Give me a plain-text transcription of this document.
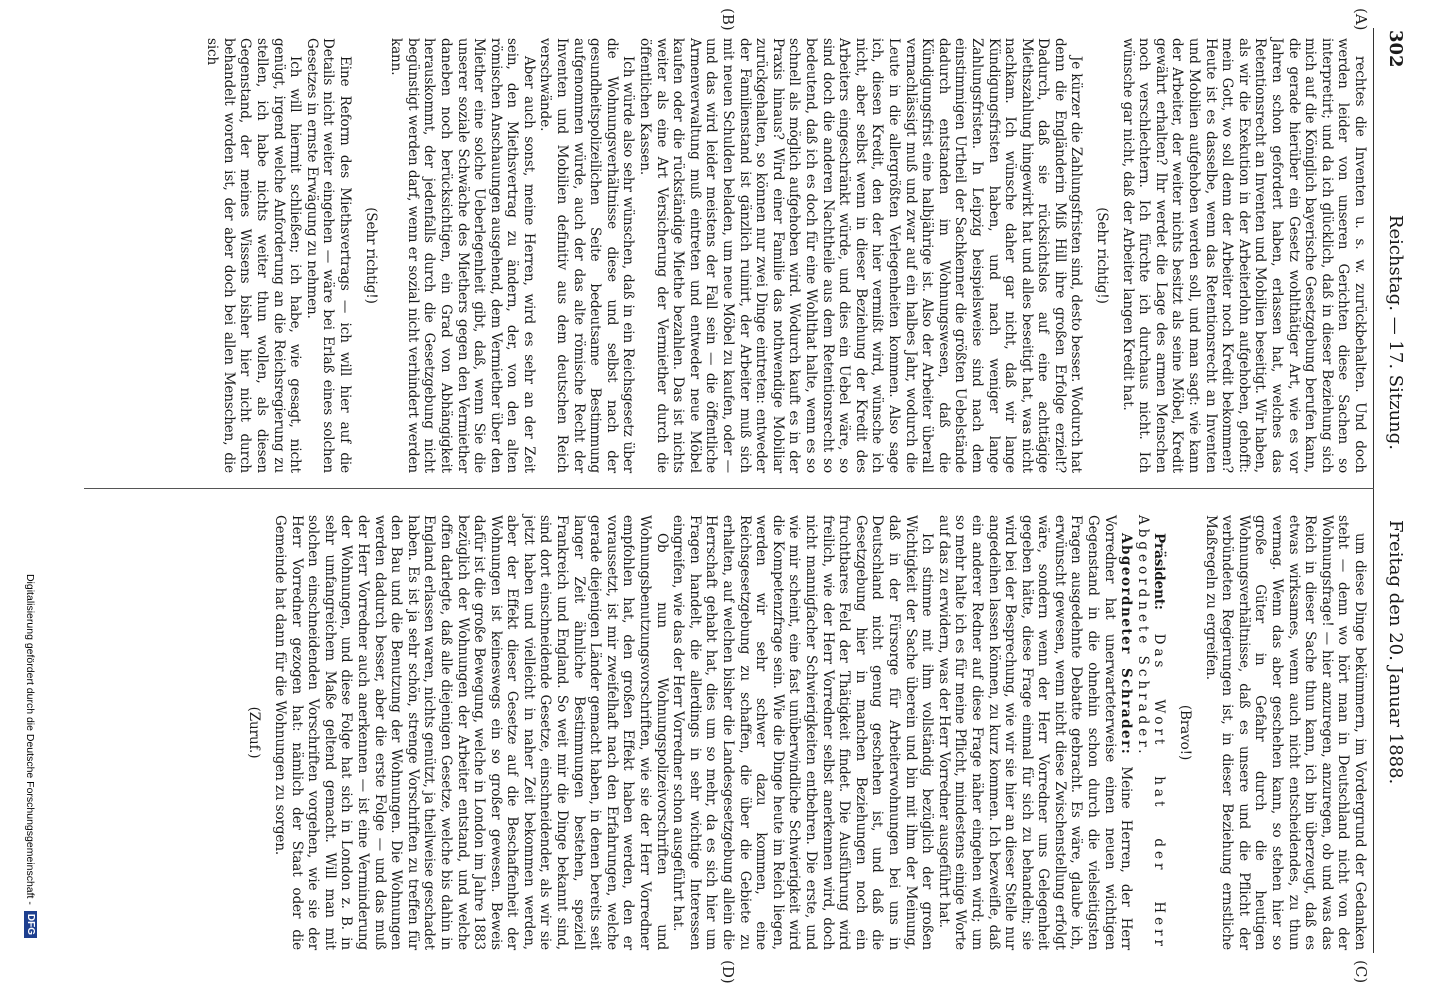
302
Reichstag. — 17. Sitzung.
Freitag den 20. Januar 1888.
(A)
(B)
(C)
(D)

rechtes die Inventen u. s. w. zurückbehalten. Und doch werden leider von unseren Gerichten diese Sachen so interpretirt; und da ich glücklich, daß in dieser Beziehung sich mich auf die Königlich bayerische Gesetzgebung berufen kann, die gerade hierüber ein Gesetz wohlthätiger Art, wie es vor Jahren schon gefordert haben, erlassen hat, welches das Retentionsrecht an Inventen und Mobilien beseitigt. Wir haben, als wir die Exekution in der Arbeiterlohn aufgehoben, gehofft: mein Gott, wo soll denn der Arbeiter noch Kredit bekommen? Heute ist es dasselbe, wenn das Retentionsrecht an Inventen und Mobilien aufgehoben werden soll, und man sagt: wie kann der Arbeiter, der weiter nichts besitzt als seine Möbel, Kredit gewährt erhalten? Ihr werdet die Lage des armen Menschen noch verschlechtern. Ich fürchte ich durchaus nicht. Ich wünsche gar nicht, daß der Arbeiter langen Kredit hat.

(Sehr richtig!)

Je kürzer die Zahlungsfristen sind, desto besser. Wodurch hat denn die Engländerin Miß Hill ihre großen Erfolge erzielt? Dadurch, daß sie rücksichtslos auf eine achttägige Miethszahlung hingewirkt hat und alles beseitigt hat, was nicht nachkam. Ich wünsche daher gar nicht, daß wir lange Kündigungsfristen haben, und nach weniger lange Zahlungsfristen. In Leipzig beispielsweise sind nach dem einstimmigen Urtheil der Sachkenner die größten Uebelstände dadurch entstanden im Wohnungswesen, daß die Kündigungsfrist eine halbjährige ist. Also der Arbeiter überall vernachlässigt muß und zwar auf ein halbes Jahr, wodurch die Leute in die allergrößten Verlegenheiten kommen. Also sage ich, diesen Kredit, den der hier vermißt wird, wünsche ich nicht, aber selbst wenn in dieser Beziehung der Kredit des Arbeiters eingeschränkt würde, und dies ein Uebel wäre, so sind doch die anderen Nachtheile aus dem Retentionsrecht so bedeutend, daß ich es doch für eine Wohlthat halte, wenn es so schnell als möglich aufgehoben wird. Wodurch kauft es in der Praxis hinaus? Wird einer Familie das nothwendige Mobiliar zurückgehalten, so können nur zwei Dinge eintreten: entweder der Familienstand ist gänzlich ruinirt, der Arbeiter muß sich mit neuen Schulden beladen, um neue Möbel zu kaufen, oder — und das wird leider meistens der Fall sein — die öffentliche Armenverwaltung muß eintreten und entweder neue Möbel kaufen oder die rückständige Miethe bezahlen. Das ist nichts weiter als eine Art Versicherung der Vermiether durch die öffentlichen Kassen.

Ich würde also sehr wünschen, daß in ein Reichsgesetz über die Wohnungsverhältnisse diese und selbst nach der gesundheitspolizeilichen Seite bedeutsame Bestimmung aufgenommen würde, auch der das alte römische Recht der Inventen und Mobilien definitiv aus dem deutschen Reich verschwände.

Aber auch sonst, meine Herren, wird es sehr an der Zeit sein, den Miethsvertrag zu ändern, der, von den alten römischen Anschauungen ausgehend, dem Vermiether über den Miether eine solche Ueberlegenheit gibt, daß, wenn Sie die unserer soziale Schwäche des Miethers gegen den Vermiether daneben noch berücksichtigen, ein Grad von Abhängigkeit herauskommt, der jedenfalls durch die Gesetzgebung nicht begünstigt werden darf, wenn er sozial nicht verhindert werden kann.

(Sehr richtig!)

Eine Reform des Miethsvertrags — ich will hier auf die Details nicht weiter eingehen — wäre bei Erlaß eines solchen Gesetzes in ernste Erwägung zu nehmen.

Ich will hiermit schließen; ich habe, wie gesagt, nicht genügt, irgend welche Anforderung an die Reichsregierung zu stellen, ich habe nichts weiter thun wollen, als diesen Gegenstand, der meines Wissens bisher hier nicht durch behandelt worden ist, der aber doch bei allen Menschen, die sich

um diese Dinge bekümmern, im Vordergrund der Gedanken steht — denn wo hört man in Deutschland nicht von der Wohnungsfrage! — hier anzuregen, anzuregen, ob und was das Reich in dieser Sache thun kann, ich bin überzeugt, daß es etwas wirksames, wenn auch nicht entscheidendes, zu thun vermag. Wenn das aber geschehen kann, so stehen hier so große Güter in Gefahr durch die heutigen Wohnungsverhältnisse, daß es unsere und die Pflicht der verbündeten Regierungen ist, in dieser Beziehung ernstliche Maßregeln zu ergreifen.

(Bravo!)

Präsident: Das Wort hat der Herr Abgeordnete Schrader.

Abgeordneter Schrader: Meine Herren, der Herr Vorredner hat unerwarteterweise einen neuen wichtigen Gegenstand in die ohnehin schon durch die vielseitigsten Fragen ausgedehnte Debatte gebracht. Es wäre, glaube ich, erwünscht gewesen, wenn nicht diese Zwischenstellung erfolgt wäre, sondern wenn der Herr Vorredner uns Gelegenheit gegeben hätte, diese Frage einmal für sich zu behandeln; sie wird bei der Besprechung, wie wir sie hier an dieser Stelle nur angedeihen lassen können, zu kurz kommen. Ich bezweifle, daß ein anderer Redner auf diese Frage näher eingehen wird; um so mehr halte ich es für meine Pflicht, mindestens einige Worte auf das zu erwidern, was der Herr Vorredner ausgeführt hat.

Ich stimme mit ihm vollständig bezüglich der großen Wichtigkeit der Sache überein und bin mit ihm der Meinung, daß in der Fürsorge für Arbeiterwohnungen bei uns in Deutschland nicht genug geschehen ist, und daß die Gesetzgebung hier in manchen Beziehungen noch ein fruchtbares Feld der Thätigkeit findet. Die Ausführung wird freilich, wie der Herr Vorredner selbst anerkennen wird, doch nicht mannigfacher Schwierigkeiten entbehren. Die erste, und wie mir scheint, eine fast unüberwindliche Schwierigkeit wird die Kompetenzfrage sein. Wie die Dinge heute im Reich liegen, werden wir sehr schwer dazu kommen, eine Reichsgesetzgebung zu schaffen, die über die Gebiete zu erhalten, auf welchen bisher die Landesgesetzgebung allein die Herrschaft gehabt hat, dies um so mehr, da es sich hier um Fragen handelt, die allerdings in sehr wichtige Interessen eingreifen, wie das der Herr Vorredner schon ausgeführt hat.

Ob nun Wohnungspolizeivorschriften und Wohnungsbenutzungsvorschriften, wie sie der Herr Vorredner empfohlen hat, den großen Effekt haben werden, den er voraussetzt, ist mir zweifelhaft nach den Erfahrungen, welche gerade diejenigen Länder gemacht haben, in denen bereits seit langer Zeit ähnliche Bestimmungen bestehen, speziell Frankreich und England. So weit mir die Dinge bekannt sind, sind dort einschneidende Gesetze, einschneidender, als wir sie jetzt haben und vielleicht in naher Zeit bekommen werden, aber der Effekt dieser Gesetze auf die Beschaffenheit der Wohnungen ist keineswegs ein so großer gewesen. Beweis dafür ist die große Bewegung, welche in London im Jahre 1883 bezüglich der Wohnungen der Arbeiter entstand, und welche offen darlegte, daß alle diejenigen Gesetze, welche bis dahin in England erlassen waren, nichts genützt, ja theilweise geschadet haben. Es ist ja sehr schön, strenge Vorschriften zu treffen für den Bau und die Benutzung der Wohnungen. Die Wohnungen werden dadurch besser, aber die erste Folge — und das muß der Herr Vorredner auch anerkennen — ist eine Verminderung der Wohnungen, und diese Folge hat sich in London z. B. in sehr umfangreichem Maße geltend gemacht. Will man mit solchen einschneidenden Vorschriften vorgehen, wie sie der Herr Vorredner gezogen hat: nämlich der Staat oder die Gemeinde hat dann für die Wohnungen zu sorgen.

(Zuruf.)

Digitalisierung gefördert durch die Deutsche Forschungsgemeinschaft -
DFG
